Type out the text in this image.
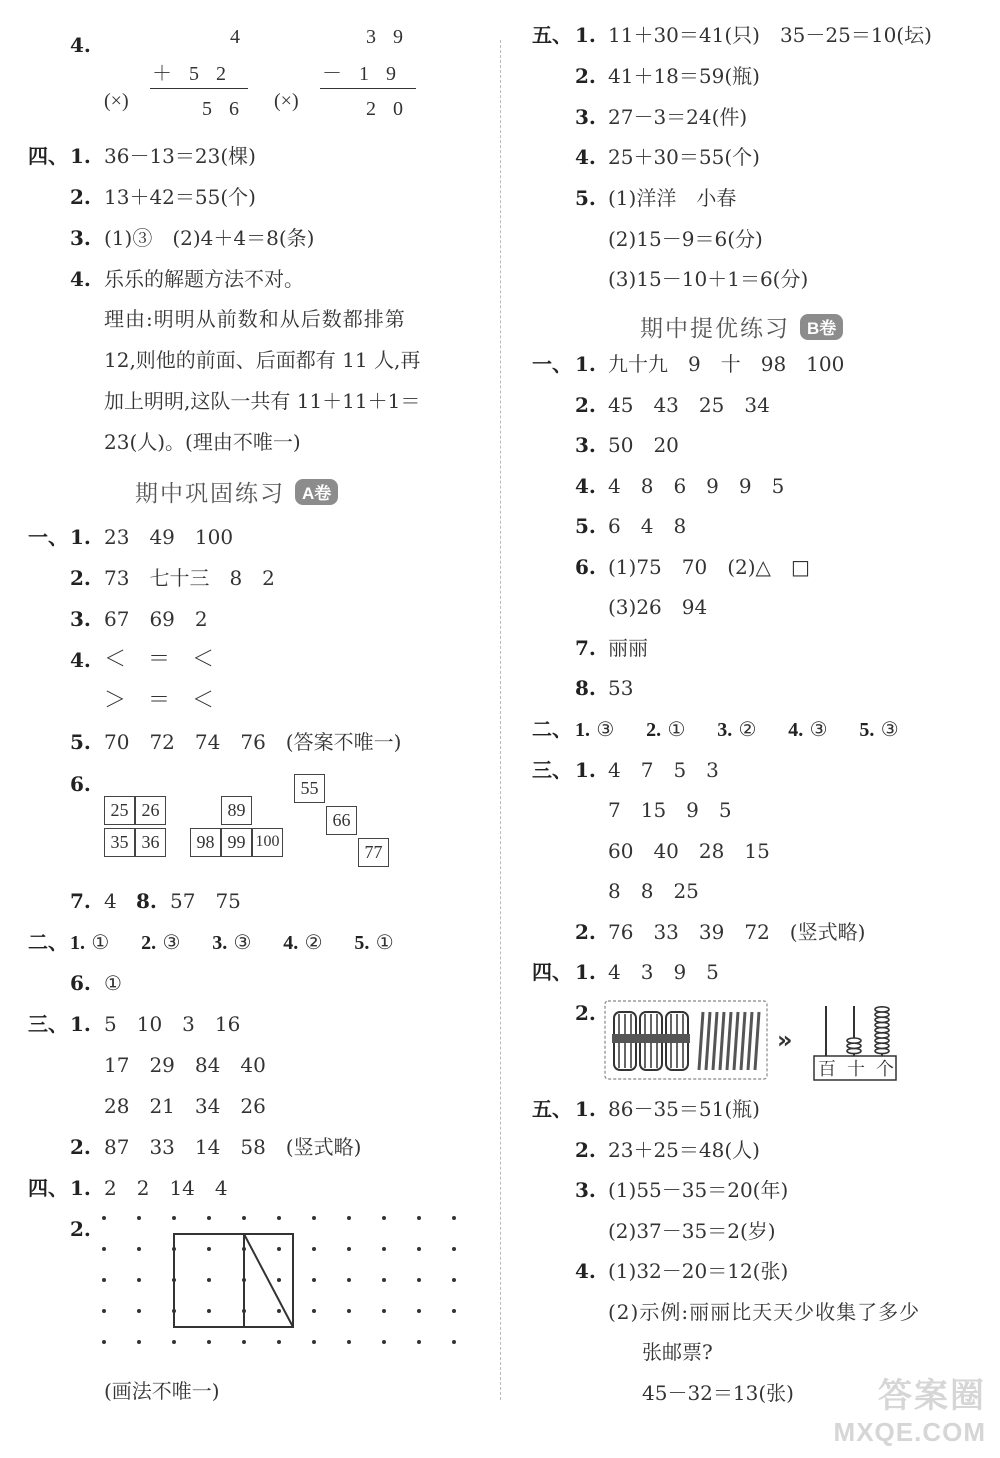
4.	4
＋ 5 2
(×)	5 6
3 9
－ 1 9
(×)	2 0
四、 1. 36－13＝23(棵)
2. 13＋42＝55(个)
3. (1)③　(2)4＋4＝8(条)
4. 乐乐的解题方法不对。
理由:明明从前数和从后数都排第
12,则他的前面、后面都有 11 人,再
加上明明,这队一共有 11＋11＋1＝
23(人)。(理由不唯一)
期中巩固练习	A卷
一、 1. 23　49　100
2. 73　七十三　8　2
3. 67　69　2
4. ＜　＝　＜
＞　＝　＜
5. 70　72　74　76　(答案不唯一)
6.
25 26
35 36
89
98 99 100
55
66
77
7. 4 8. 57　75
二、 1. ① 2. ③ 3. ③ 4. ② 5. ①
6. ①
三、 1. 5　10　3　16
17　29　84　40
28　21　34　26
2. 87　33　14　58　(竖式略)
四、 1. 2　2　14　4
2.
(画法不唯一)
五、 1. 11＋30＝41(只)　35－25＝10(坛)
2. 41＋18＝59(瓶)
3. 27－3＝24(件)
4. 25＋30＝55(个)
5. (1)洋洋　小春
(2)15－9＝6(分)
(3)15－10＋1＝6(分)
期中提优练习	B卷
一、 1. 九十九　9　十　98　100
2. 45　43　25　34
3. 50　20
4. 4　8　6　9　9　5
5. 6　4　8
6. (1)75　70　(2)△　□
(3)26　94
7. 丽丽
8. 53
二、 1. ③ 2. ① 3. ② 4. ③ 5. ③
三、 1. 4　7　5　3
7　15　9　5
60　40　28　15
8　8　25
2. 76　33　39　72　(竖式略)
四、 1. 4　3　9　5
2.
»
百 十 个
五、 1. 86－35＝51(瓶)
2. 23＋25＝48(人)
3. (1)55－35＝20(年)
(2)37－35＝2(岁)
4. (1)32－20＝12(张)
(2)示例:丽丽比天天少收集了多少
张邮票?
45－32＝13(张)	答案圈
MXQE.COM
